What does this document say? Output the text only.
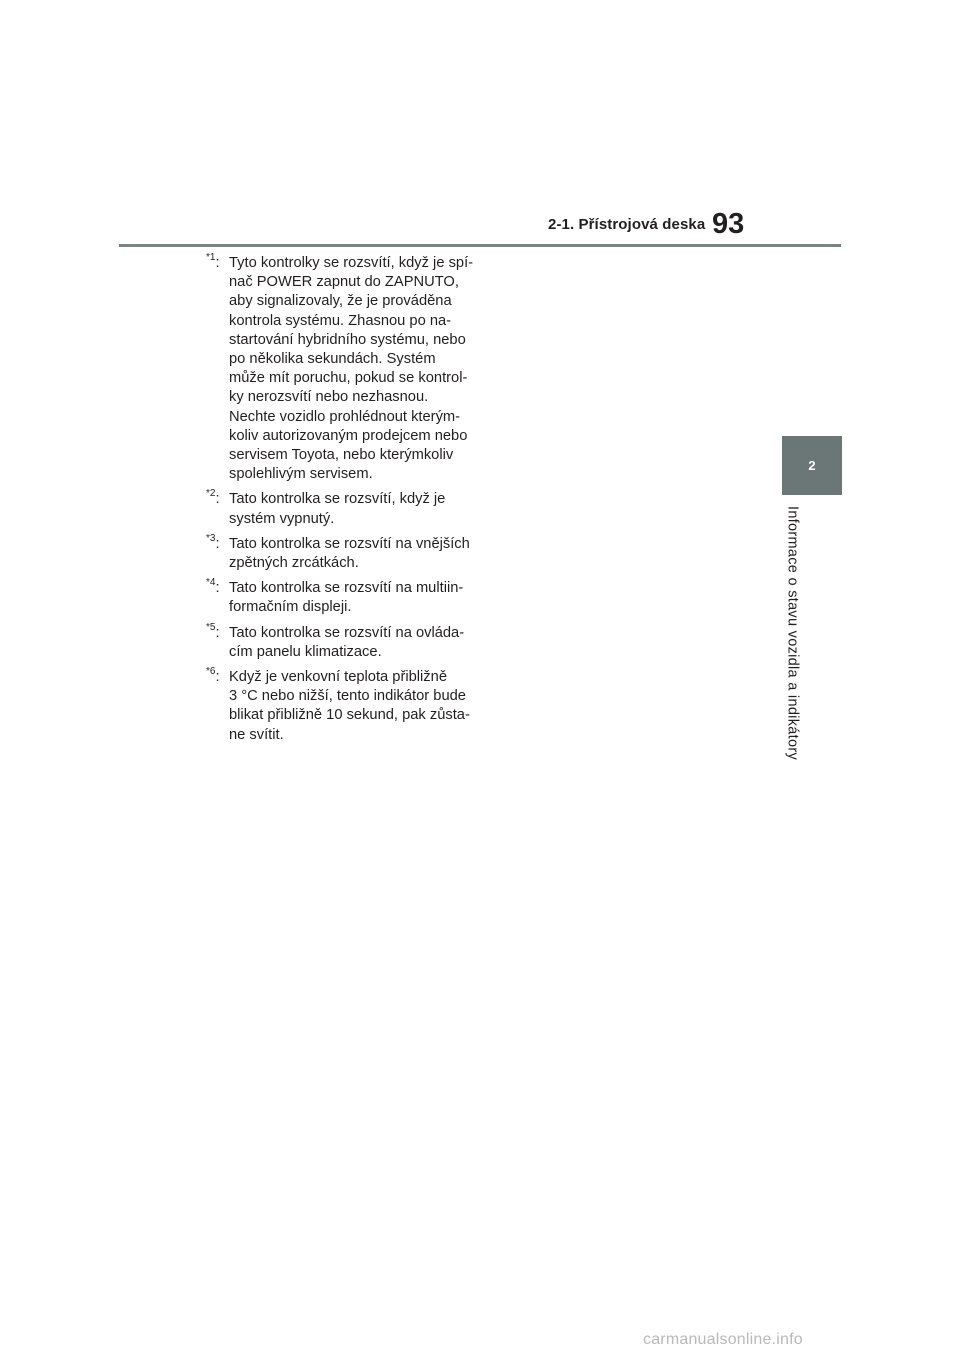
2-1. Přístrojová deska 93
2
Informace o stavu vozidla a indikátory
$^{*1}$: Tyto kontrolky se rozsvítí, když je spí-
nač POWER zapnut do ZAPNUTO,
aby signalizovaly, že je prováděna
kontrola systému. Zhasnou po na-
startování hybridního systému, nebo
po několika sekundách. Systém
může mít poruchu, pokud se kontrol-
ky nerozsvítí nebo nezhasnou.
Nechte vozidlo prohlédnout kterým-
koliv autorizovaným prodejcem nebo
servisem Toyota, nebo kterýmkoliv
spolehlivým servisem.
$^{*2}$: Tato kontrolka se rozsvítí, když je
systém vypnutý.
$^{*3}$: Tato kontrolka se rozsvítí na vnějších
zpětných zrcátkách.
$^{*4}$: Tato kontrolka se rozsvítí na multiin-
formačním displeji.
$^{*5}$: Tato kontrolka se rozsvítí na ovláda-
cím panelu klimatizace.
$^{*6}$: Když je venkovní teplota přibližně
3 °C nebo nižší, tento indikátor bude
blikat přibližně 10 sekund, pak zůsta-
ne svítit.
carmanualsonline.info
